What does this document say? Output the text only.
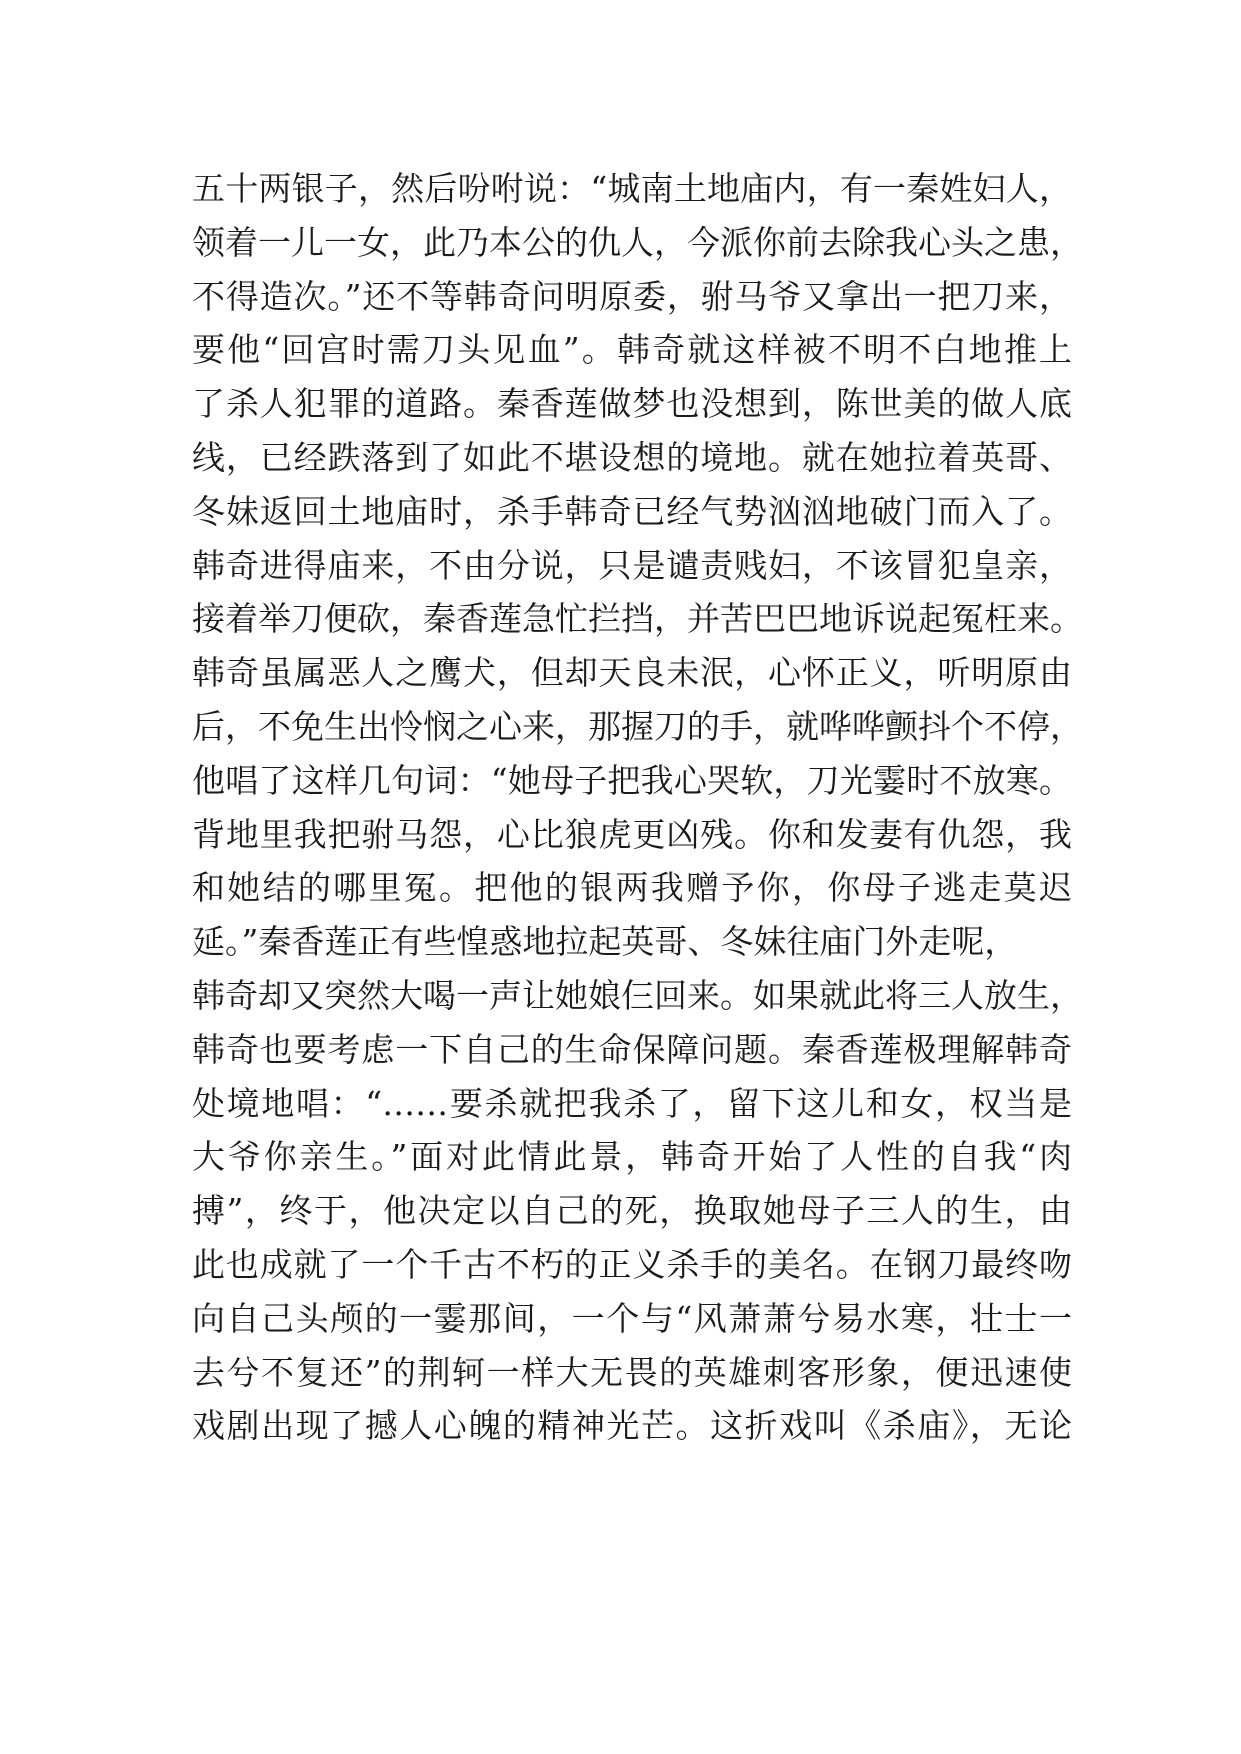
五十两银子，然后吩咐说：“城南土地庙内，有一秦姓妇人，
领着一儿一女，此乃本公的仇人，今派你前去除我心头之患，
不得造次。”还不等韩奇问明原委，驸马爷又拿出一把刀来，
要他“回宫时需刀头见血”。韩奇就这样被不明不白地推上
了杀人犯罪的道路。秦香莲做梦也没想到，陈世美的做人底
线，已经跌落到了如此不堪设想的境地。就在她拉着英哥、
冬妹返回土地庙时，杀手韩奇已经气势汹汹地破门而入了。
韩奇进得庙来，不由分说，只是谴责贱妇，不该冒犯皇亲，
接着举刀便砍，秦香莲急忙拦挡，并苦巴巴地诉说起冤枉来。
韩奇虽属恶人之鹰犬，但却天良未泯，心怀正义，听明原由
后，不免生出怜悯之心来，那握刀的手，就哗哗颤抖个不停，
他唱了这样几句词：“她母子把我心哭软，刀光霎时不放寒。
背地里我把驸马怨，心比狼虎更凶残。你和发妻有仇怨，我
和她结的哪里冤。把他的银两我赠予你，你母子逃走莫迟
延。”秦香莲正有些惶惑地拉起英哥、冬妹往庙门外走呢，
韩奇却又突然大喝一声让她娘仨回来。如果就此将三人放生，
韩奇也要考虑一下自己的生命保障问题。秦香莲极理解韩奇
处境地唱：“……要杀就把我杀了，留下这儿和女，权当是
大爷你亲生。”面对此情此景，韩奇开始了人性的自我“肉
搏”，终于，他决定以自己的死，换取她母子三人的生，由
此也成就了一个千古不朽的正义杀手的美名。在钢刀最终吻
向自己头颅的一霎那间，一个与“风萧萧兮易水寒，壮士一
去兮不复还”的荆轲一样大无畏的英雄刺客形象，便迅速使
戏剧出现了撼人心魄的精神光芒。这折戏叫《杀庙》，无论
